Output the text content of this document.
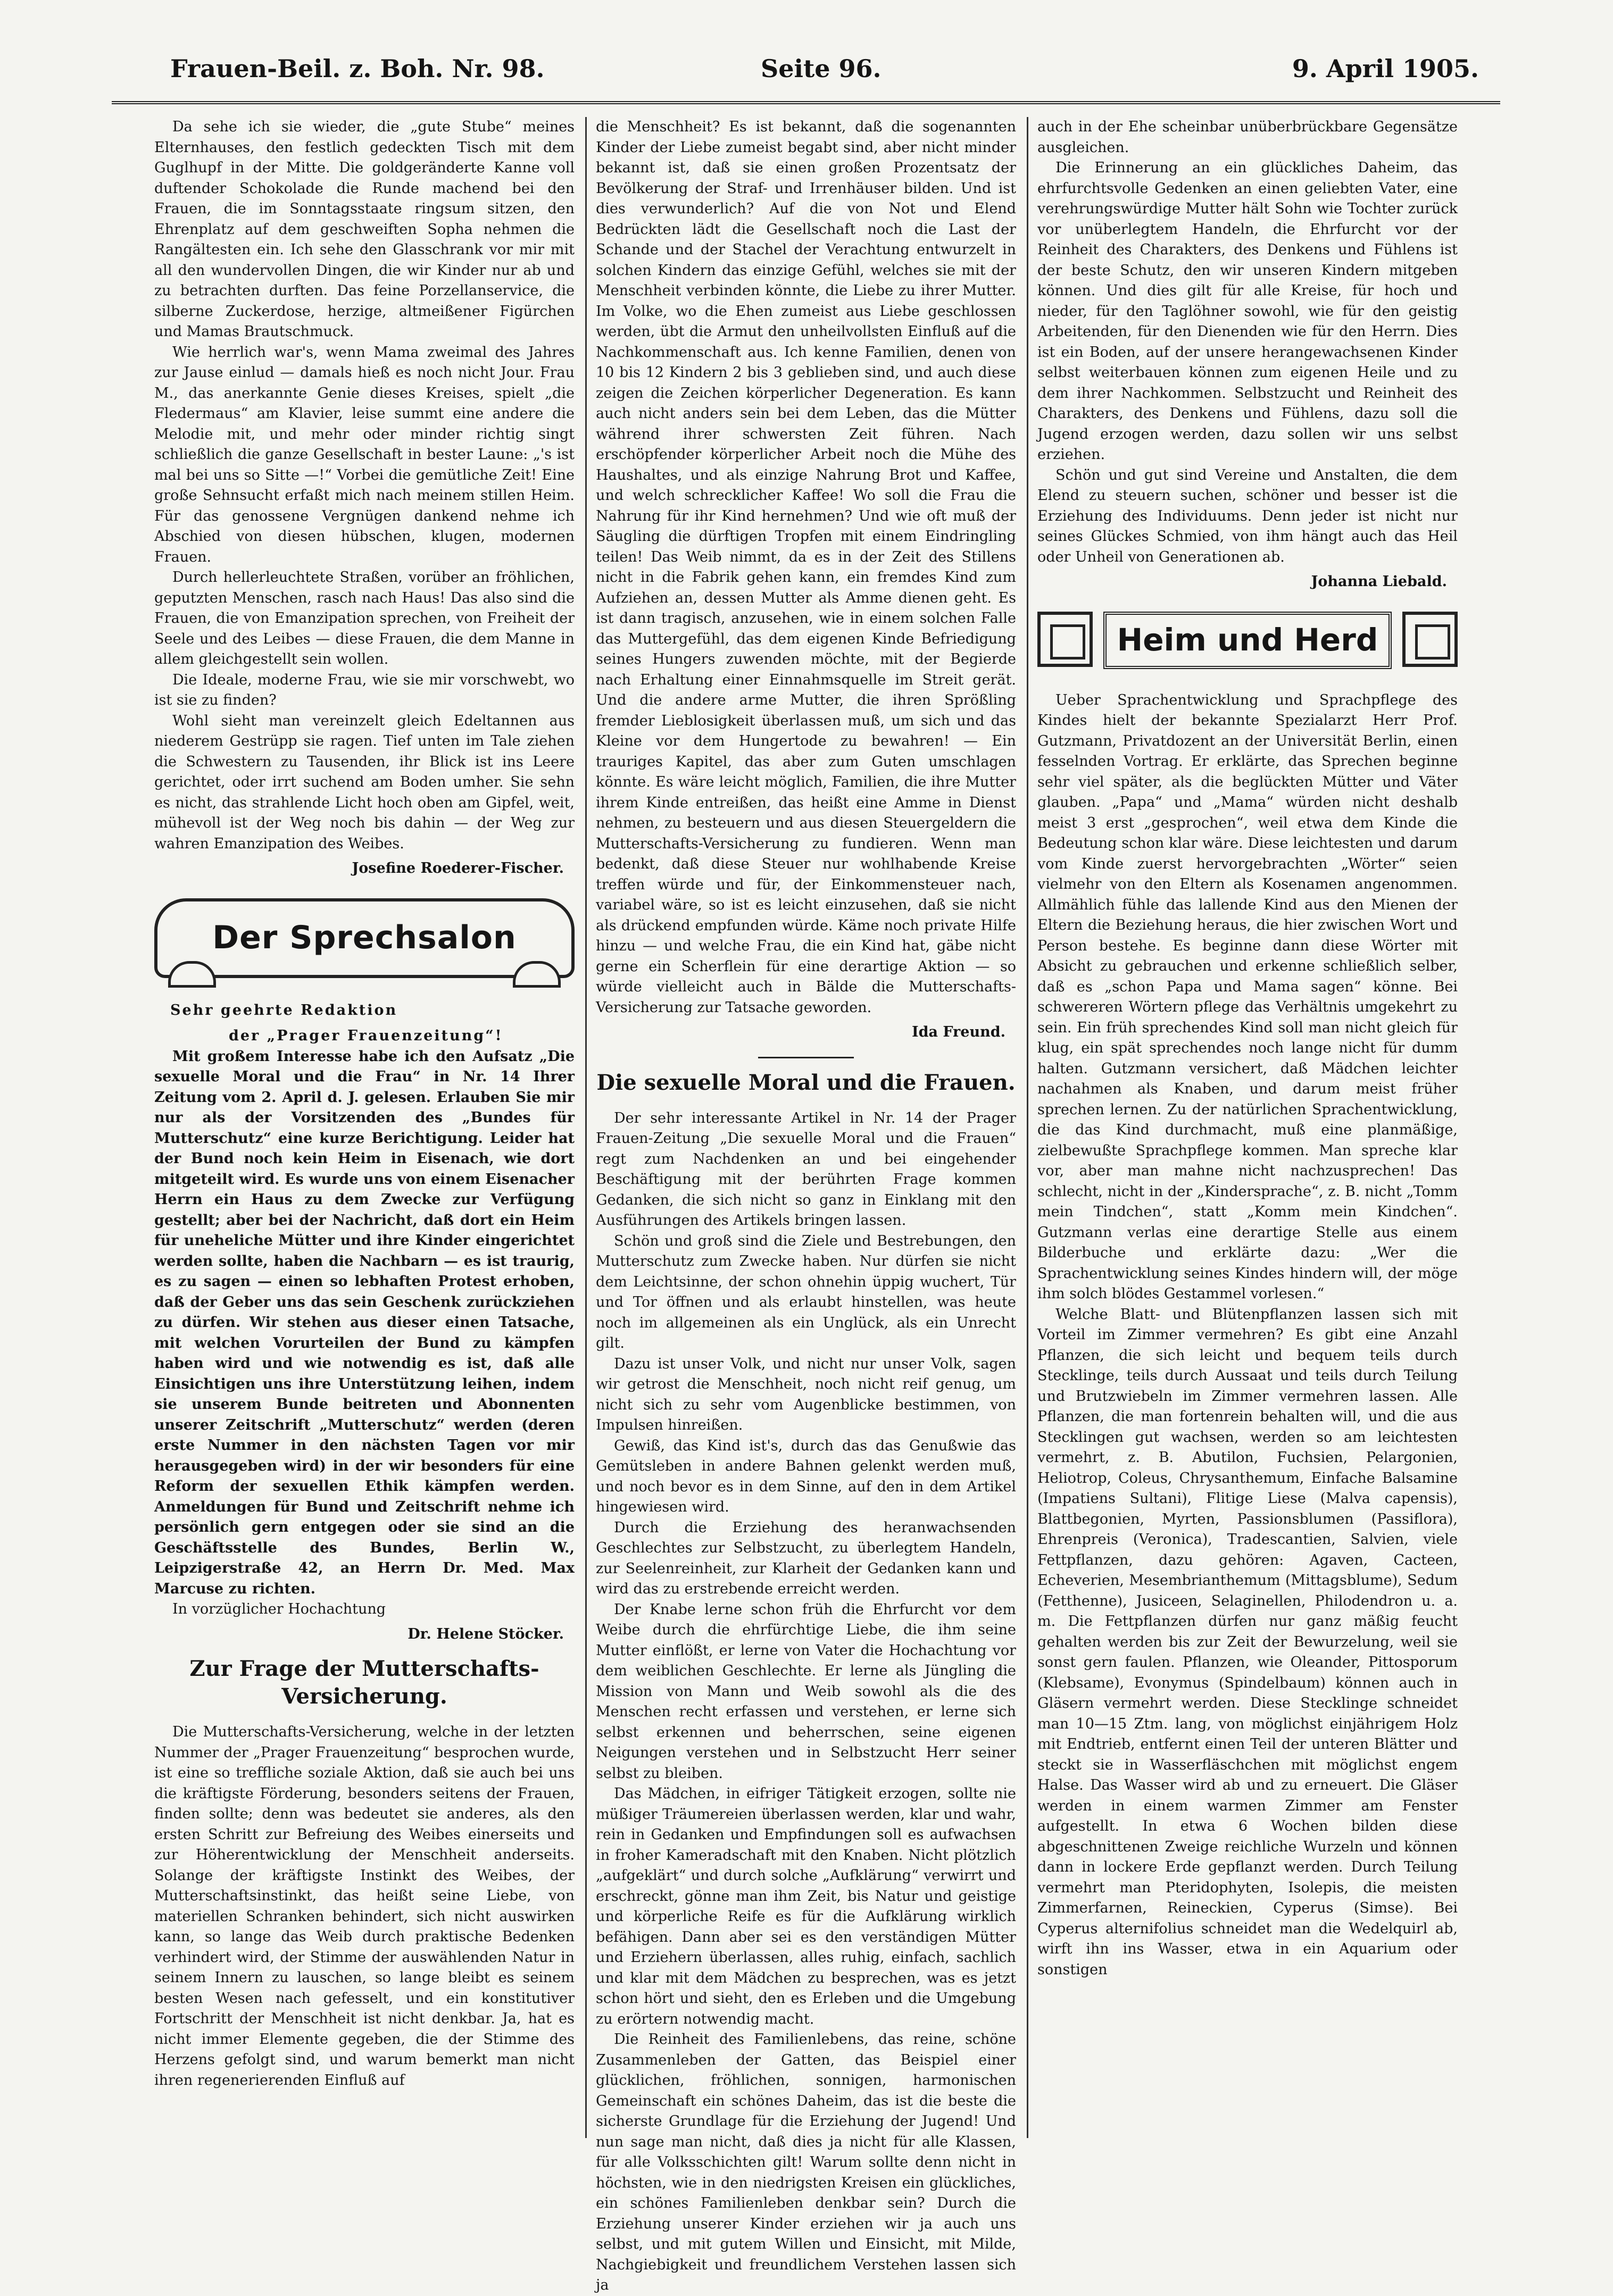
Frauen-Beil. z. Boh. Nr. 98.	Seite 96.	9. April 1905.

Da sehe ich sie wieder, die „gute Stube“ meines Elternhauses, den festlich gedeckten Tisch mit dem Guglhupf in der Mitte. Die goldgeränderte Kanne voll duftender Schokolade die Runde machend bei den Frauen, die im Sonntagsstaate ringsum sitzen, den Ehrenplatz auf dem geschweiften Sopha nehmen die Rangältesten ein. Ich sehe den Glasschrank vor mir mit all den wundervollen Dingen, die wir Kinder nur ab und zu betrachten durften. Das feine Porzellanservice, die silberne Zuckerdose, herzige, altmeißener Figürchen und Mamas Brautschmuck.

Wie herrlich war's, wenn Mama zweimal des Jahres zur Jause einlud — damals hieß es noch nicht Jour. Frau M., das anerkannte Genie dieses Kreises, spielt „die Fledermaus“ am Klavier, leise summt eine andere die Melodie mit, und mehr oder minder richtig singt schließlich die ganze Gesellschaft in bester Laune: „'s ist mal bei uns so Sitte —!“ Vorbei die gemütliche Zeit! Eine große Sehnsucht erfaßt mich nach meinem stillen Heim. Für das genossene Vergnügen dankend nehme ich Abschied von diesen hübschen, klugen, modernen Frauen.

Durch hellerleuchtete Straßen, vorüber an fröhlichen, geputzten Menschen, rasch nach Haus! Das also sind die Frauen, die von Emanzipation sprechen, von Freiheit der Seele und des Leibes — diese Frauen, die dem Manne in allem gleichgestellt sein wollen.

Die Ideale, moderne Frau, wie sie mir vorschwebt, wo ist sie zu finden?

Wohl sieht man vereinzelt gleich Edeltannen aus niederem Gestrüpp sie ragen. Tief unten im Tale ziehen die Schwestern zu Tausenden, ihr Blick ist ins Leere gerichtet, oder irrt suchend am Boden umher. Sie sehn es nicht, das strahlende Licht hoch oben am Gipfel, weit, mühevoll ist der Weg noch bis dahin — der Weg zur wahren Emanzipation des Weibes.

Josefine Roederer-Fischer.

Der Sprechsalon

Sehr geehrte Redaktion

der „Prager Frauenzeitung“!

Mit großem Interesse habe ich den Aufsatz „Die sexuelle Moral und die Frau“ in Nr. 14 Ihrer Zeitung vom 2. April d. J. gelesen. Erlauben Sie mir nur als der Vorsitzenden des „Bundes für Mutterschutz“ eine kurze Berichtigung. Leider hat der Bund noch kein Heim in Eisenach, wie dort mitgeteilt wird. Es wurde uns von einem Eisenacher Herrn ein Haus zu dem Zwecke zur Verfügung gestellt; aber bei der Nachricht, daß dort ein Heim für uneheliche Mütter und ihre Kinder eingerichtet werden sollte, haben die Nachbarn — es ist traurig, es zu sagen — einen so lebhaften Protest erhoben, daß der Geber uns das sein Geschenk zurückziehen zu dürfen. Wir stehen aus dieser einen Tatsache, mit welchen Vorurteilen der Bund zu kämpfen haben wird und wie notwendig es ist, daß alle Einsichtigen uns ihre Unterstützung leihen, indem sie unserem Bunde beitreten und Abonnenten unserer Zeitschrift „Mutterschutz“ werden (deren erste Nummer in den nächsten Tagen vor mir herausgegeben wird) in der wir besonders für eine Reform der sexuellen Ethik kämpfen werden. Anmeldungen für Bund und Zeitschrift nehme ich persönlich gern entgegen oder sie sind an die Geschäftsstelle des Bundes, Berlin W., Leipzigerstraße 42, an Herrn Dr. Med. Max Marcuse zu richten.

In vorzüglicher Hochachtung

Dr. Helene Stöcker.

Zur Frage der Mutterschafts-Versicherung.

Die Mutterschafts-Versicherung, welche in der letzten Nummer der „Prager Frauenzeitung“ besprochen wurde, ist eine so treffliche soziale Aktion, daß sie auch bei uns die kräftigste Förderung, besonders seitens der Frauen, finden sollte; denn was bedeutet sie anderes, als den ersten Schritt zur Befreiung des Weibes einerseits und zur Höherentwicklung der Menschheit anderseits. Solange der kräftigste Instinkt des Weibes, der Mutterschaftsinstinkt, das heißt seine Liebe, von materiellen Schranken behindert, sich nicht auswirken kann, so lange das Weib durch praktische Bedenken verhindert wird, der Stimme der auswählenden Natur in seinem Innern zu lauschen, so lange bleibt es seinem besten Wesen nach gefesselt, und ein konstitutiver Fortschritt der Menschheit ist nicht denkbar. Ja, hat es nicht immer Elemente gegeben, die der Stimme des Herzens gefolgt sind, und warum bemerkt man nicht ihren regenerierenden Einfluß auf

die Menschheit? Es ist bekannt, daß die sogenannten Kinder der Liebe zumeist begabt sind, aber nicht minder bekannt ist, daß sie einen großen Prozentsatz der Bevölkerung der Straf- und Irrenhäuser bilden. Und ist dies verwunderlich? Auf die von Not und Elend Bedrückten lädt die Gesellschaft noch die Last der Schande und der Stachel der Verachtung entwurzelt in solchen Kindern das einzige Gefühl, welches sie mit der Menschheit verbinden könnte, die Liebe zu ihrer Mutter. Im Volke, wo die Ehen zumeist aus Liebe geschlossen werden, übt die Armut den unheilvollsten Einfluß auf die Nachkommenschaft aus. Ich kenne Familien, denen von 10 bis 12 Kindern 2 bis 3 geblieben sind, und auch diese zeigen die Zeichen körperlicher Degeneration. Es kann auch nicht anders sein bei dem Leben, das die Mütter während ihrer schwersten Zeit führen. Nach erschöpfender körperlicher Arbeit noch die Mühe des Haushaltes, und als einzige Nahrung Brot und Kaffee, und welch schrecklicher Kaffee! Wo soll die Frau die Nahrung für ihr Kind hernehmen? Und wie oft muß der Säugling die dürftigen Tropfen mit einem Eindringling teilen! Das Weib nimmt, da es in der Zeit des Stillens nicht in die Fabrik gehen kann, ein fremdes Kind zum Aufziehen an, dessen Mutter als Amme dienen geht. Es ist dann tragisch, anzusehen, wie in einem solchen Falle das Muttergefühl, das dem eigenen Kinde Befriedigung seines Hungers zuwenden möchte, mit der Begierde nach Erhaltung einer Einnahmsquelle im Streit gerät. Und die andere arme Mutter, die ihren Sprößling fremder Lieblosigkeit überlassen muß, um sich und das Kleine vor dem Hungertode zu bewahren! — Ein trauriges Kapitel, das aber zum Guten umschlagen könnte. Es wäre leicht möglich, Familien, die ihre Mutter ihrem Kinde entreißen, das heißt eine Amme in Dienst nehmen, zu besteuern und aus diesen Steuergeldern die Mutterschafts-Versicherung zu fundieren. Wenn man bedenkt, daß diese Steuer nur wohlhabende Kreise treffen würde und für, der Einkommensteuer nach, variabel wäre, so ist es leicht einzusehen, daß sie nicht als drückend empfunden würde. Käme noch private Hilfe hinzu — und welche Frau, die ein Kind hat, gäbe nicht gerne ein Scherflein für eine derartige Aktion — so würde vielleicht auch in Bälde die Mutterschafts-Versicherung zur Tatsache geworden.

Ida Freund.

Die sexuelle Moral und die Frauen.

Der sehr interessante Artikel in Nr. 14 der Prager Frauen-Zeitung „Die sexuelle Moral und die Frauen“ regt zum Nachdenken an und bei eingehender Beschäftigung mit der berührten Frage kommen Gedanken, die sich nicht so ganz in Einklang mit den Ausführungen des Artikels bringen lassen.

Schön und groß sind die Ziele und Bestrebungen, den Mutterschutz zum Zwecke haben. Nur dürfen sie nicht dem Leichtsinne, der schon ohnehin üppig wuchert, Tür und Tor öffnen und als erlaubt hinstellen, was heute noch im allgemeinen als ein Unglück, als ein Unrecht gilt.

Dazu ist unser Volk, und nicht nur unser Volk, sagen wir getrost die Menschheit, noch nicht reif genug, um nicht sich zu sehr vom Augenblicke bestimmen, von Impulsen hinreißen.

Gewiß, das Kind ist's, durch das das Genußwie das Gemütsleben in andere Bahnen gelenkt werden muß, und noch bevor es in dem Sinne, auf den in dem Artikel hingewiesen wird.

Durch die Erziehung des heranwachsenden Geschlechtes zur Selbstzucht, zu überlegtem Handeln, zur Seelenreinheit, zur Klarheit der Gedanken kann und wird das zu erstrebende erreicht werden.

Der Knabe lerne schon früh die Ehrfurcht vor dem Weibe durch die ehrfürchtige Liebe, die ihm seine Mutter einflößt, er lerne von Vater die Hochachtung vor dem weiblichen Geschlechte. Er lerne als Jüngling die Mission von Mann und Weib sowohl als die des Menschen recht erfassen und verstehen, er lerne sich selbst erkennen und beherrschen, seine eigenen Neigungen verstehen und in Selbstzucht Herr seiner selbst zu bleiben.

Das Mädchen, in eifriger Tätigkeit erzogen, sollte nie müßiger Träumereien überlassen werden, klar und wahr, rein in Gedanken und Empfindungen soll es aufwachsen in froher Kameradschaft mit den Knaben. Nicht plötzlich „aufgeklärt“ und durch solche „Aufklärung“ verwirrt und erschreckt, gönne man ihm Zeit, bis Natur und geistige und körperliche Reife es für die Aufklärung wirklich befähigen. Dann aber sei es den verständigen Mütter und Erziehern überlassen, alles ruhig, einfach, sachlich und klar mit dem Mädchen zu besprechen, was es jetzt schon hört und sieht, den es Erleben und die Umgebung zu erörtern notwendig macht.

Die Reinheit des Familienlebens, das reine, schöne Zusammenleben der Gatten, das Beispiel einer glücklichen, fröhlichen, sonnigen, harmonischen Gemeinschaft ein schönes Daheim, das ist die beste die sicherste Grundlage für die Erziehung der Jugend! Und nun sage man nicht, daß dies ja nicht für alle Klassen, für alle Volksschichten gilt! Warum sollte denn nicht in höchsten, wie in den niedrigsten Kreisen ein glückliches, ein schönes Familienleben denkbar sein? Durch die Erziehung unserer Kinder erziehen wir ja auch uns selbst, und mit gutem Willen und Einsicht, mit Milde, Nachgiebigkeit und freundlichem Verstehen lassen sich ja

auch in der Ehe scheinbar unüberbrückbare Gegensätze ausgleichen.

Die Erinnerung an ein glückliches Daheim, das ehrfurchtsvolle Gedenken an einen geliebten Vater, eine verehrungswürdige Mutter hält Sohn wie Tochter zurück vor unüberlegtem Handeln, die Ehrfurcht vor der Reinheit des Charakters, des Denkens und Fühlens ist der beste Schutz, den wir unseren Kindern mitgeben können. Und dies gilt für alle Kreise, für hoch und nieder, für den Taglöhner sowohl, wie für den geistig Arbeitenden, für den Dienenden wie für den Herrn. Dies ist ein Boden, auf der unsere herangewachsenen Kinder selbst weiterbauen können zum eigenen Heile und zu dem ihrer Nachkommen. Selbstzucht und Reinheit des Charakters, des Denkens und Fühlens, dazu soll die Jugend erzogen werden, dazu sollen wir uns selbst erziehen.

Schön und gut sind Vereine und Anstalten, die dem Elend zu steuern suchen, schöner und besser ist die Erziehung des Individuums. Denn jeder ist nicht nur seines Glückes Schmied, von ihm hängt auch das Heil oder Unheil von Generationen ab.

Johanna Liebald.

Heim und Herd

Ueber Sprachentwicklung und Sprachpflege des Kindes hielt der bekannte Spezialarzt Herr Prof. Gutzmann, Privatdozent an der Universität Berlin, einen fesselnden Vortrag. Er erklärte, das Sprechen beginne sehr viel später, als die beglückten Mütter und Väter glauben. „Papa“ und „Mama“ würden nicht deshalb meist 3 erst „gesprochen“, weil etwa dem Kinde die Bedeutung schon klar wäre. Diese leichtesten und darum vom Kinde zuerst hervorgebrachten „Wörter“ seien vielmehr von den Eltern als Kosenamen angenommen. Allmählich fühle das lallende Kind aus den Mienen der Eltern die Beziehung heraus, die hier zwischen Wort und Person bestehe. Es beginne dann diese Wörter mit Absicht zu gebrauchen und erkenne schließlich selber, daß es „schon Papa und Mama sagen“ könne. Bei schwereren Wörtern pflege das Verhältnis umgekehrt zu sein. Ein früh sprechendes Kind soll man nicht gleich für klug, ein spät sprechendes noch lange nicht für dumm halten. Gutzmann versichert, daß Mädchen leichter nachahmen als Knaben, und darum meist früher sprechen lernen. Zu der natürlichen Sprachentwicklung, die das Kind durchmacht, muß eine planmäßige, zielbewußte Sprachpflege kommen. Man spreche klar vor, aber man mahne nicht nachzusprechen! Das schlecht, nicht in der „Kindersprache“, z. B. nicht „Tomm mein Tindchen“, statt „Komm mein Kindchen“. Gutzmann verlas eine derartige Stelle aus einem Bilderbuche und erklärte dazu: „Wer die Sprachentwicklung seines Kindes hindern will, der möge ihm solch blödes Gestammel vorlesen.“

Welche Blatt- und Blütenpflanzen lassen sich mit Vorteil im Zimmer vermehren? Es gibt eine Anzahl Pflanzen, die sich leicht und bequem teils durch Stecklinge, teils durch Aussaat und teils durch Teilung und Brutzwiebeln im Zimmer vermehren lassen. Alle Pflanzen, die man fortenrein behalten will, und die aus Stecklingen gut wachsen, werden so am leichtesten vermehrt, z. B. Abutilon, Fuchsien, Pelargonien, Heliotrop, Coleus, Chrysanthemum, Einfache Balsamine (Impatiens Sultani), Flitige Liese (Malva capensis), Blattbegonien, Myrten, Passionsblumen (Passiflora), Ehrenpreis (Veronica), Tradescantien, Salvien, viele Fettpflanzen, dazu gehören: Agaven, Cacteen, Echeverien, Mesembrianthemum (Mittagsblume), Sedum (Fetthenne), Jusiceen, Selaginellen, Philodendron u. a. m. Die Fettpflanzen dürfen nur ganz mäßig feucht gehalten werden bis zur Zeit der Bewurzelung, weil sie sonst gern faulen. Pflanzen, wie Oleander, Pittosporum (Klebsame), Evonymus (Spindelbaum) können auch in Gläsern vermehrt werden. Diese Stecklinge schneidet man 10—15 Ztm. lang, von möglichst einjährigem Holz mit Endtrieb, entfernt einen Teil der unteren Blätter und steckt sie in Wasserfläschchen mit möglichst engem Halse. Das Wasser wird ab und zu erneuert. Die Gläser werden in einem warmen Zimmer am Fenster aufgestellt. In etwa 6 Wochen bilden diese abgeschnittenen Zweige reichliche Wurzeln und können dann in lockere Erde gepflanzt werden. Durch Teilung vermehrt man Pteridophyten, Isolepis, die meisten Zimmerfarnen, Reineckien, Cyperus (Simse). Bei Cyperus alternifolius schneidet man die Wedelquirl ab, wirft ihn ins Wasser, etwa in ein Aquarium oder sonstigen
